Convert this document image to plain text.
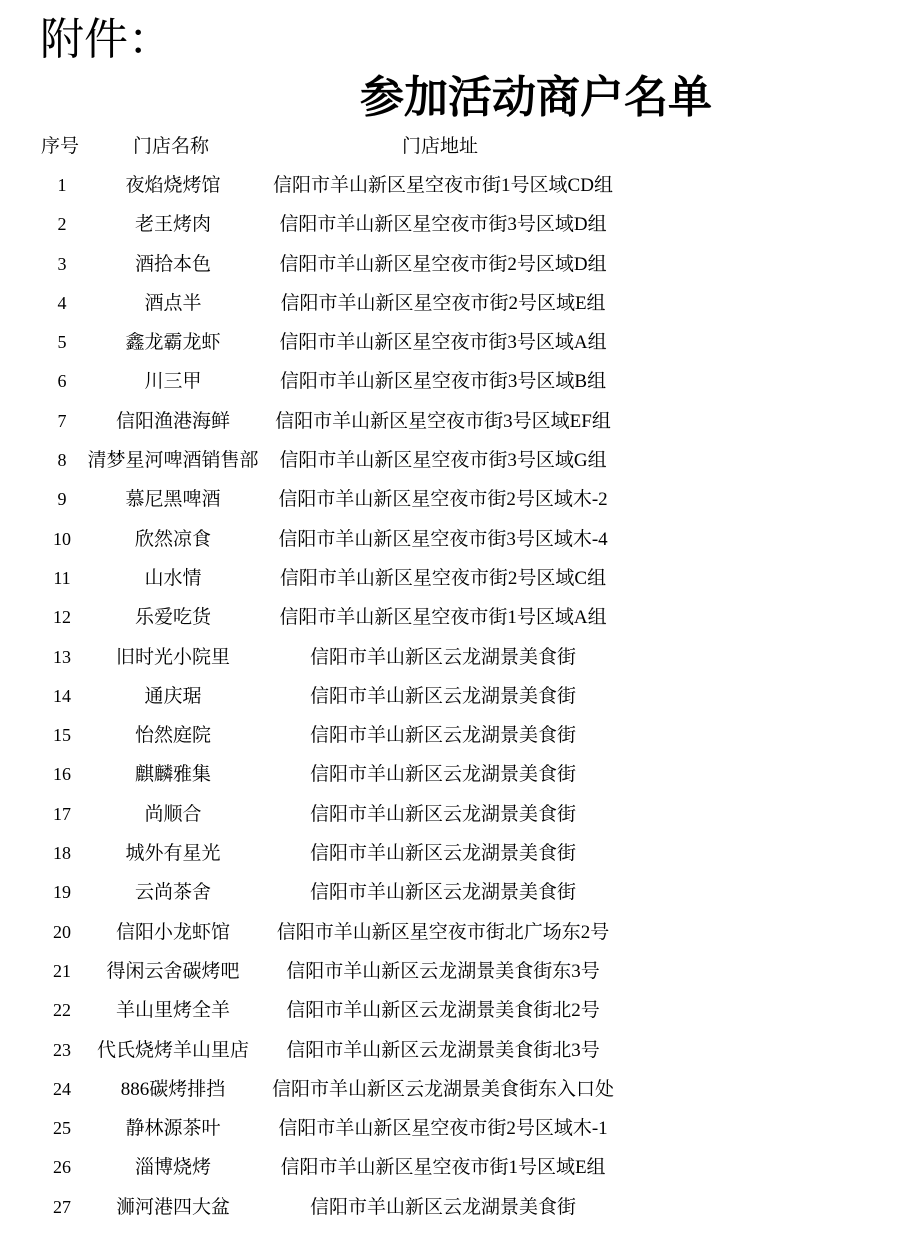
附件：
参加活动商户名单
序号	门店名称	门店地址
1	夜焰烧烤馆	信阳市羊山新区星空夜市街1号区域CD组
2	老王烤肉	信阳市羊山新区星空夜市街3号区域D组
3	酒拾本色	信阳市羊山新区星空夜市街2号区域D组
4	酒点半	信阳市羊山新区星空夜市街2号区域E组
5	鑫龙霸龙虾	信阳市羊山新区星空夜市街3号区域A组
6	川三甲	信阳市羊山新区星空夜市街3号区域B组
7	信阳渔港海鲜	信阳市羊山新区星空夜市街3号区域EF组
8	清梦星河啤酒销售部	信阳市羊山新区星空夜市街3号区域G组
9	慕尼黑啤酒	信阳市羊山新区星空夜市街2号区域木-2
10	欣然凉食	信阳市羊山新区星空夜市街3号区域木-4
11	山水情	信阳市羊山新区星空夜市街2号区域C组
12	乐爱吃货	信阳市羊山新区星空夜市街1号区域A组
13	旧时光小院里	信阳市羊山新区云龙湖景美食街
14	通庆琚	信阳市羊山新区云龙湖景美食街
15	怡然庭院	信阳市羊山新区云龙湖景美食街
16	麒麟雅集	信阳市羊山新区云龙湖景美食街
17	尚顺合	信阳市羊山新区云龙湖景美食街
18	城外有星光	信阳市羊山新区云龙湖景美食街
19	云尚茶舍	信阳市羊山新区云龙湖景美食街
20	信阳小龙虾馆	信阳市羊山新区星空夜市街北广场东2号
21	得闲云舍碳烤吧	信阳市羊山新区云龙湖景美食街东3号
22	羊山里烤全羊	信阳市羊山新区云龙湖景美食街北2号
23	代氏烧烤羊山里店	信阳市羊山新区云龙湖景美食街北3号
24	886碳烤排挡	信阳市羊山新区云龙湖景美食街东入口处
25	静林源茶叶	信阳市羊山新区星空夜市街2号区域木-1
26	淄博烧烤	信阳市羊山新区星空夜市街1号区域E组
27	浉河港四大盆	信阳市羊山新区云龙湖景美食街
